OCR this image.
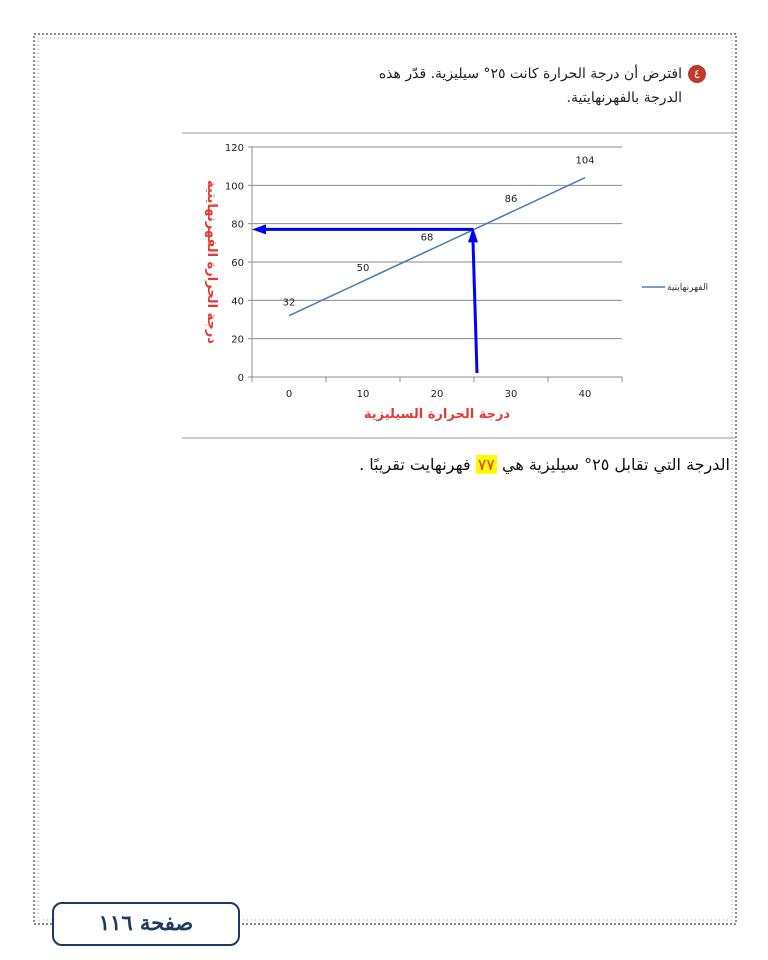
٤افترض أن درجة الحرارة كانت ٢٥° سيليزية. قدّر هذه
الدرجة بالفهرنهايتية.
0
20
40
60
80
100
120
0	10	20	30	40
32
50
68
86
104
درجة الحرارة السيليزية
درجة الحرارة الفهرنهايتية	الفهرنهايتية
الدرجة التي تقابل ٢٥° سيليزية هي ٧٧ فهرنهايت تقريبًا .
صفحة ١١٦
